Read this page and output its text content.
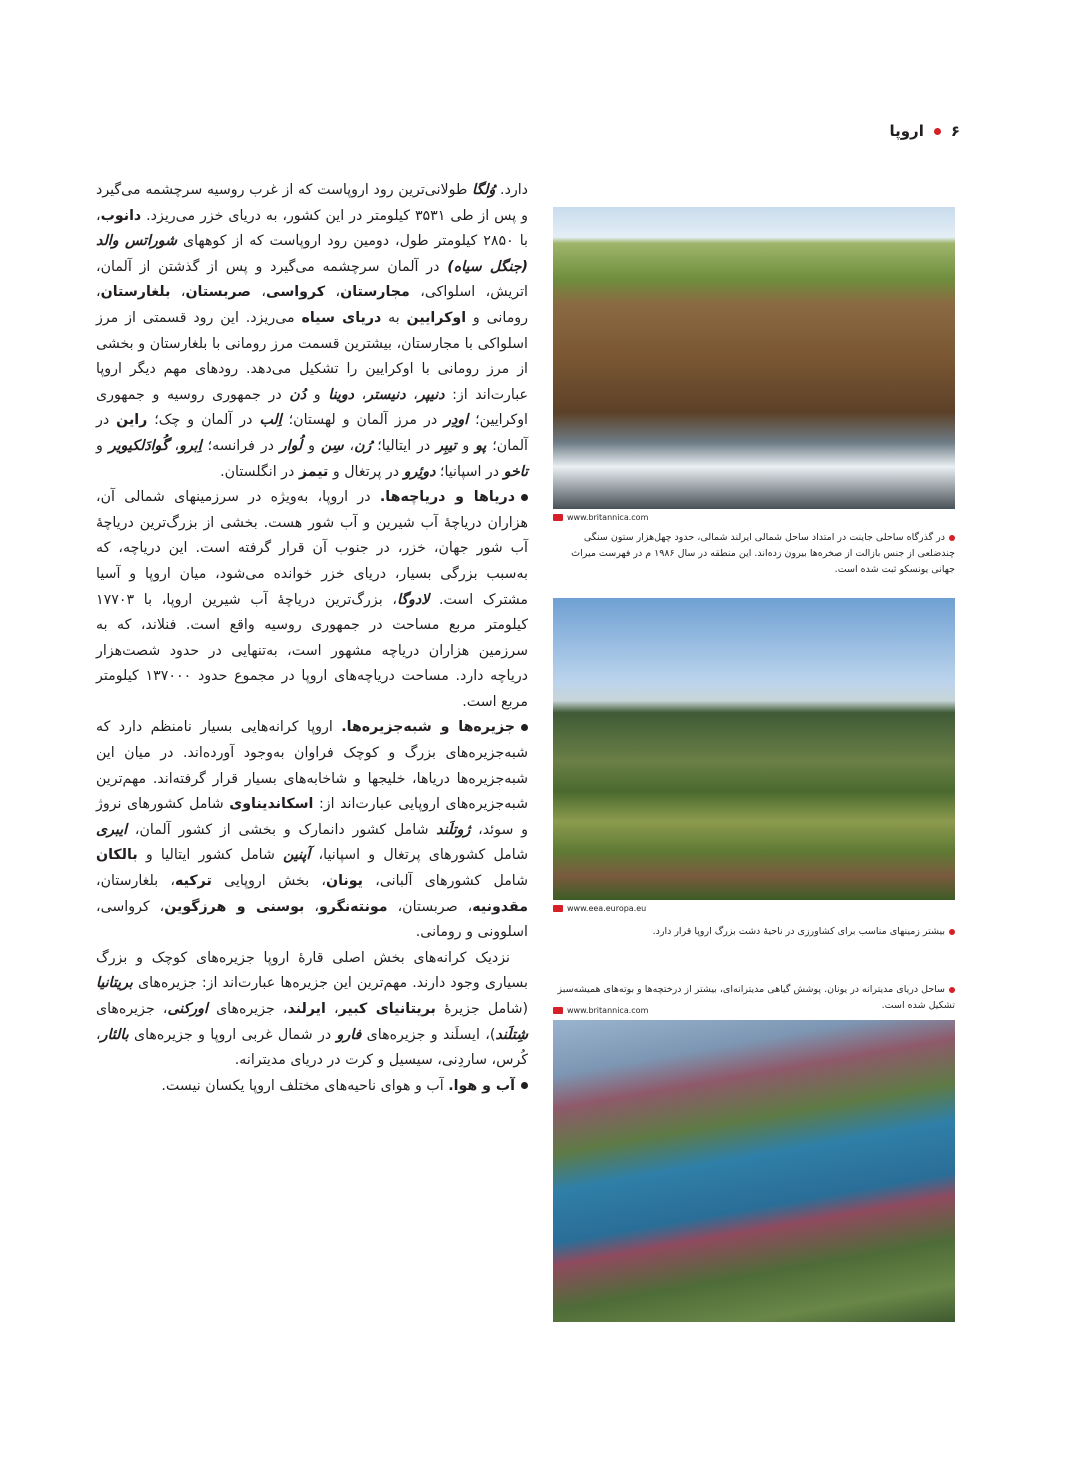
۶
اروپا

دارد. وُلگا طولانی‌ترین رود اروپاست که از غرب روسیه سرچشمه می‌گیرد و پس از طی ۳۵۳۱ کیلومتر در این کشور، به دریای خزر می‌ریزد. دانوب، با ۲۸۵۰ کیلومتر طول، دومین رود اروپاست که از کوههای شوراتس والد (جنگل سیاه) در آلمان سرچشمه می‌گیرد و پس از گذشتن از آلمان، اتریش، اسلواکی، مجارستان، کرواسی، صربستان، بلغارستان، رومانی و اوکرایین به دریای سیاه می‌ریزد. این رود قسمتی از مرز اسلواکی با مجارستان، بیشترین قسمت مرز رومانی با بلغارستان و بخشی از مرز رومانی با اوکرایین را تشکیل می‌دهد. رودهای مهم دیگر اروپا عبارت‌اند از: دنیپر، دنیستر، دوینا و دُن در جمهوری روسیه و جمهوری اوکرایین؛ اودِر در مرز آلمان و لهستان؛ اِلب در آلمان و چک؛ راین در آلمان؛ پو و تیبِر در ایتالیا؛ رُن، سِن و لُوار در فرانسه؛ اِبرو، گُوادَلکیویر و تاخو در اسپانیا؛ دوئِرو در پرتغال و تیمز در انگلستان.

دریاها و دریاچه‌ها. در اروپا، به‌ویژه در سرزمینهای شمالی آن، هزاران دریاچهٔ آب شیرین و آب شور هست. بخشی از بزرگ‌ترین دریاچهٔ آب شور جهان، خزر، در جنوب آن قرار گرفته است. این دریاچه، که به‌سبب بزرگی بسیار، دریای خزر خوانده می‌شود، میان اروپا و آسیا مشترک است. لادوگا، بزرگ‌ترین دریاچهٔ آب شیرین اروپا، با ۱۷۷۰۳ کیلومتر مربع مساحت در جمهوری روسیه واقع است. فنلاند، که به سرزمین هزاران دریاچه مشهور است، به‌تنهایی در حدود شصت‌هزار دریاچه دارد. مساحت دریاچه‌های اروپا در مجموع حدود ۱۳۷۰۰۰ کیلومتر مربع است.

جزیره‌ها و شبه‌جزیره‌ها. اروپا کرانه‌هایی بسیار نامنظم دارد که شبه‌جزیره‌های بزرگ و کوچک فراوان به‌وجود آورده‌اند. در میان این شبه‌جزیره‌ها دریاها، خلیجها و شاخابه‌های بسیار قرار گرفته‌اند. مهم‌ترین شبه‌جزیره‌های اروپایی عبارت‌اند از: اسکاندیناوی شامل کشورهای نروژ و سوئد، ژوتلَند شامل کشور دانمارک و بخشی از کشور آلمان، ایبری شامل کشورهای پرتغال و اسپانیا، آپنین شامل کشور ایتالیا و بالکان شامل کشورهای آلبانی، یونان، بخش اروپایی ترکیه، بلغارستان، مقدونیه، صربستان، مونته‌نگرو، بوسنی و هرزگوین، کرواسی، اسلوونی و رومانی.

نزدیک کرانه‌های بخش اصلی قارهٔ اروپا جزیره‌های کوچک و بزرگ بسیاری وجود دارند. مهم‌ترین این جزیره‌ها عبارت‌اند از: جزیره‌های بریتانیا (شامل جزیرهٔ بریتانیای کبیر، ایرلند، جزیره‌های اورکنی، جزیره‌های شِتلَند)، ایسلَند و جزیره‌های فارو در شمال غربی اروپا و جزیره‌های بالئار، کُرس، ساردِنی، سیسیل و کرت در دریای مدیترانه.

آب و هوا. آب و هوای ناحیه‌های مختلف اروپا یکسان نیست.

www.britannica.com
در گذرگاه ساحلی جاینت در امتداد ساحل شمالی ایرلند شمالی، حدود چهل‌هزار ستون سنگی چندضلعی از جنس بازالت از صخره‌ها بیرون زده‌اند. این منطقه در سال ۱۹۸۶ م در فهرست میراث جهانی یونسکو ثبت شده است.
www.eea.europa.eu
بیشتر زمینهای مناسب برای کشاورزی در ناحیهٔ دشت بزرگ اروپا قرار دارد.
ساحل دریای مدیترانه در یونان. پوشش گیاهی مدیترانه‌ای، بیشتر از درختچه‌ها و بوته‌های همیشه‌سبز تشکیل شده است.
www.britannica.com
